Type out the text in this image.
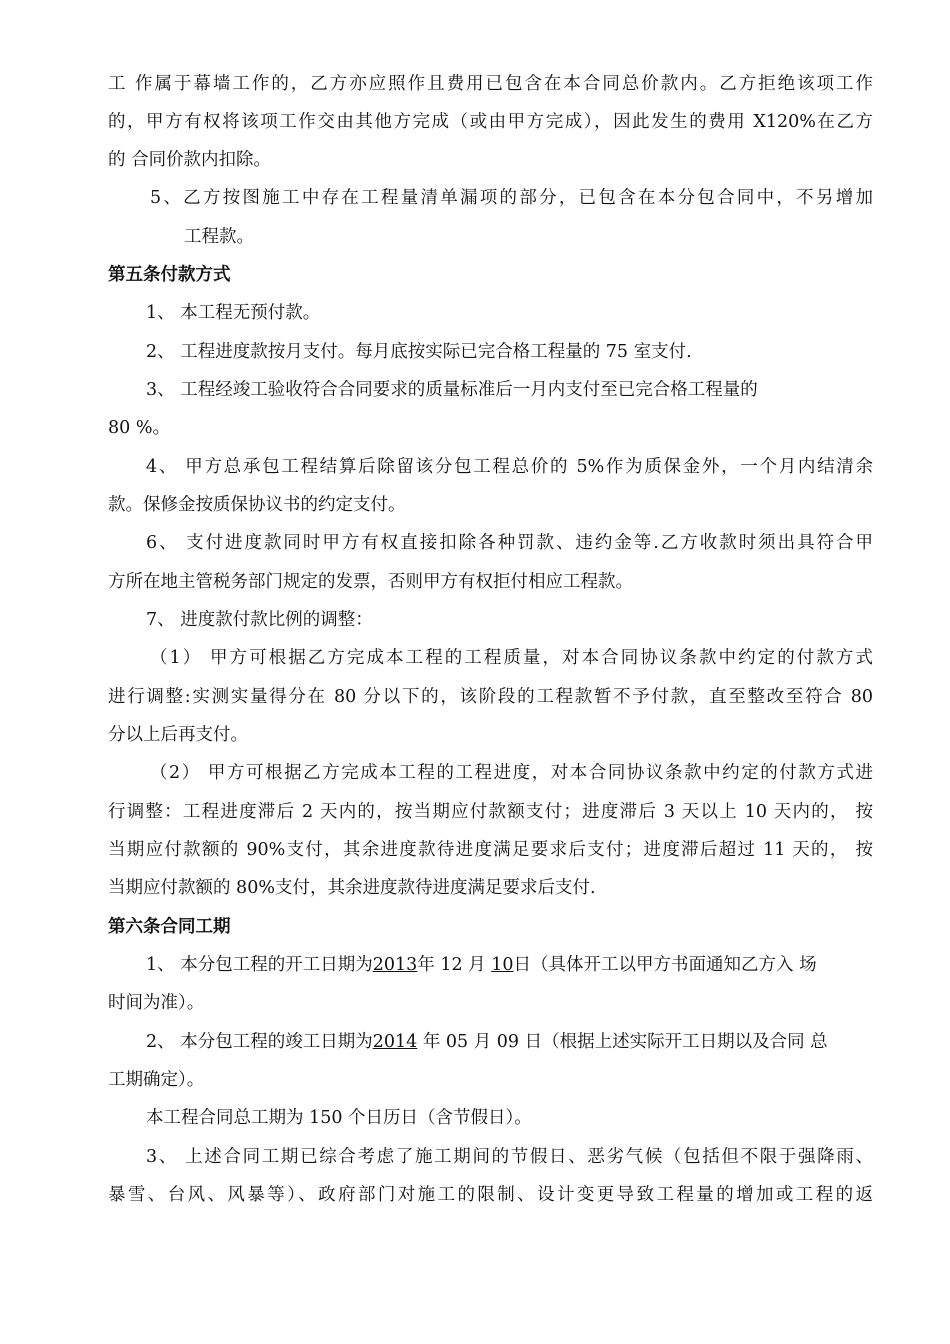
工 作属于幕墙工作的，乙方亦应照作且费用已包含在本合同总价款内。乙方拒绝该项工作
的，甲方有权将该项工作交由其他方完成（或由甲方完成），因此发生的费用 X120%在乙方
的 合同价款内扣除。
5、乙方按图施工中存在工程量清单漏项的部分，已包含在本分包合同中，不另增加
工程款。
第五条付款方式
1、 本工程无预付款。
2、 工程进度款按月支付。每月底按实际已完合格工程量的 75 室支付.
3、 工程经竣工验收符合合同要求的质量标准后一月内支付至已完合格工程量的
80 %。
4、 甲方总承包工程结算后除留该分包工程总价的 5%作为质保金外，一个月内结清余
款。保修金按质保协议书的约定支付。
6、 支付进度款同时甲方有权直接扣除各种罚款、违约金等.乙方收款时须出具符合甲
方所在地主管税务部门规定的发票，否则甲方有权拒付相应工程款。
7、 进度款付款比例的调整：
（1） 甲方可根据乙方完成本工程的工程质量，对本合同协议条款中约定的付款方式
进行调整:实测实量得分在 80 分以下的，该阶段的工程款暂不予付款，直至整改至符合 80
分以上后再支付。
（2） 甲方可根据乙方完成本工程的工程进度，对本合同协议条款中约定的付款方式进
行调整：工程进度滞后 2 天内的，按当期应付款额支付；进度滞后 3 天以上 10 天内的， 按
当期应付款额的 90%支付，其余进度款待进度满足要求后支付；进度滞后超过 11 天的， 按
当期应付款额的 80%支付，其余进度款待进度满足要求后支付.
第六条合同工期
1、 本分包工程的开工日期为2013年 12 月 10日（具体开工以甲方书面通知乙方入 场
时间为准）。
2、 本分包工程的竣工日期为2014 年 05 月 09 日（根据上述实际开工日期以及合同 总
工期确定）。
本工程合同总工期为 150 个日历日（含节假日）。
3、 上述合同工期已综合考虑了施工期间的节假日、恶劣气候（包括但不限于强降雨、
暴雪、台风、风暴等）、政府部门对施工的限制、设计变更导致工程量的增加或工程的返
